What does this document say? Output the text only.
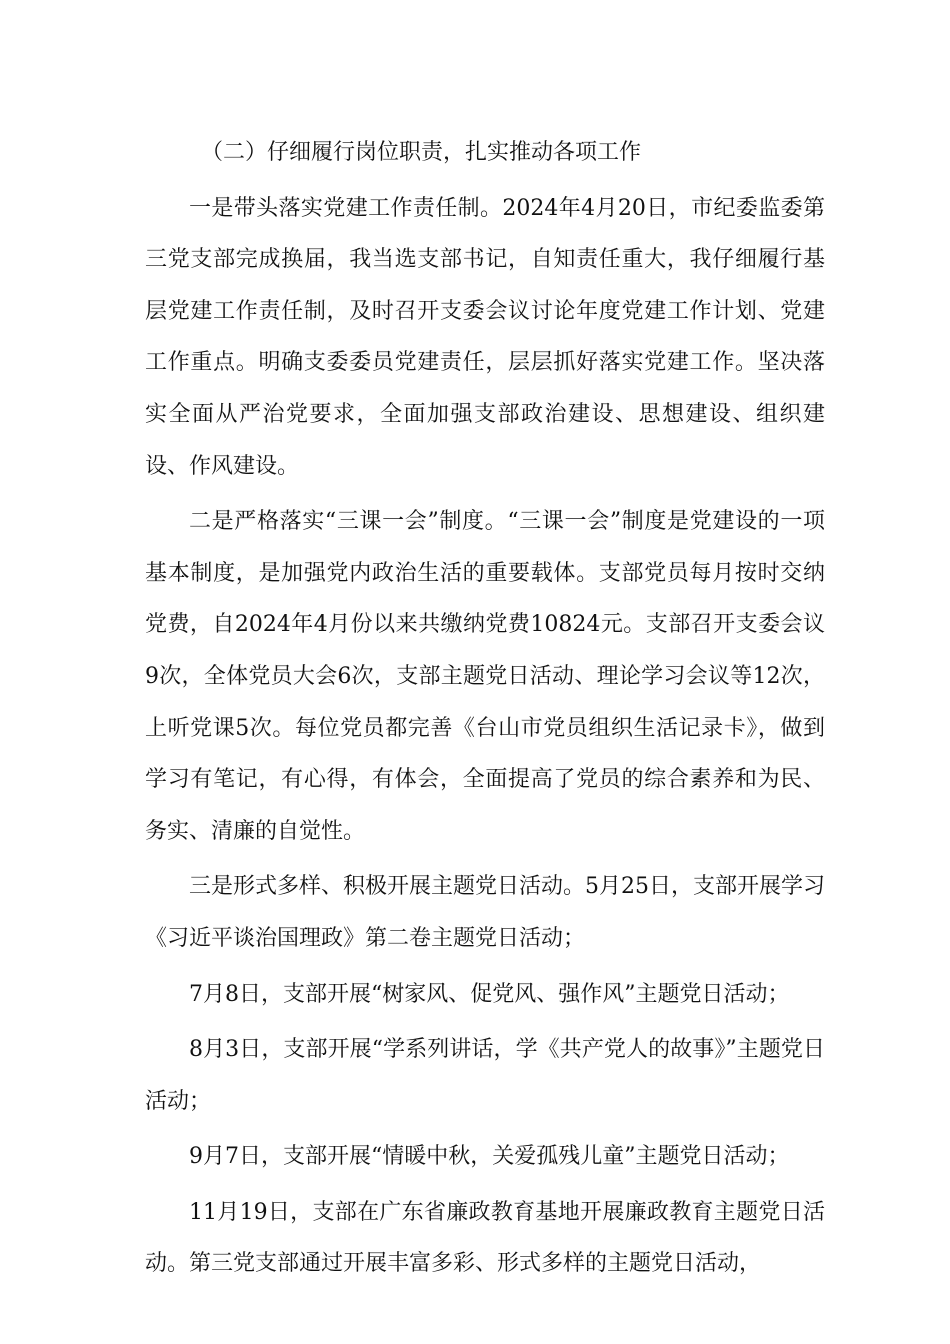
（二）仔细履行岗位职责，扎实推动各项工作

一是带头落实党建工作责任制。2024年4月20日，市纪委监委第三党支部完成换届，我当选支部书记，自知责任重大，我仔细履行基层党建工作责任制，及时召开支委会议讨论年度党建工作计划、党建工作重点。明确支委委员党建责任，层层抓好落实党建工作。坚决落实全面从严治党要求，全面加强支部政治建设、思想建设、组织建设、作风建设。

二是严格落实“三课一会”制度。“三课一会”制度是党建设的一项基本制度，是加强党内政治生活的重要载体。支部党员每月按时交纳党费，自2024年4月份以来共缴纳党费10824元。支部召开支委会议9次，全体党员大会6次，支部主题党日活动、理论学习会议等12次，上听党课5次。每位党员都完善《台山市党员组织生活记录卡》，做到学习有笔记，有心得，有体会，全面提高了党员的综合素养和为民、务实、清廉的自觉性。

三是形式多样、积极开展主题党日活动。5月25日，支部开展学习《习近平谈治国理政》第二卷主题党日活动；

7月8日，支部开展“树家风、促党风、强作风”主题党日活动；

8月3日，支部开展“学系列讲话，学《共产党人的故事》”主题党日活动；

9月7日，支部开展“情暖中秋，关爱孤残儿童”主题党日活动；

11月19日，支部在广东省廉政教育基地开展廉政教育主题党日活动。第三党支部通过开展丰富多彩、形式多样的主题党日活动，
